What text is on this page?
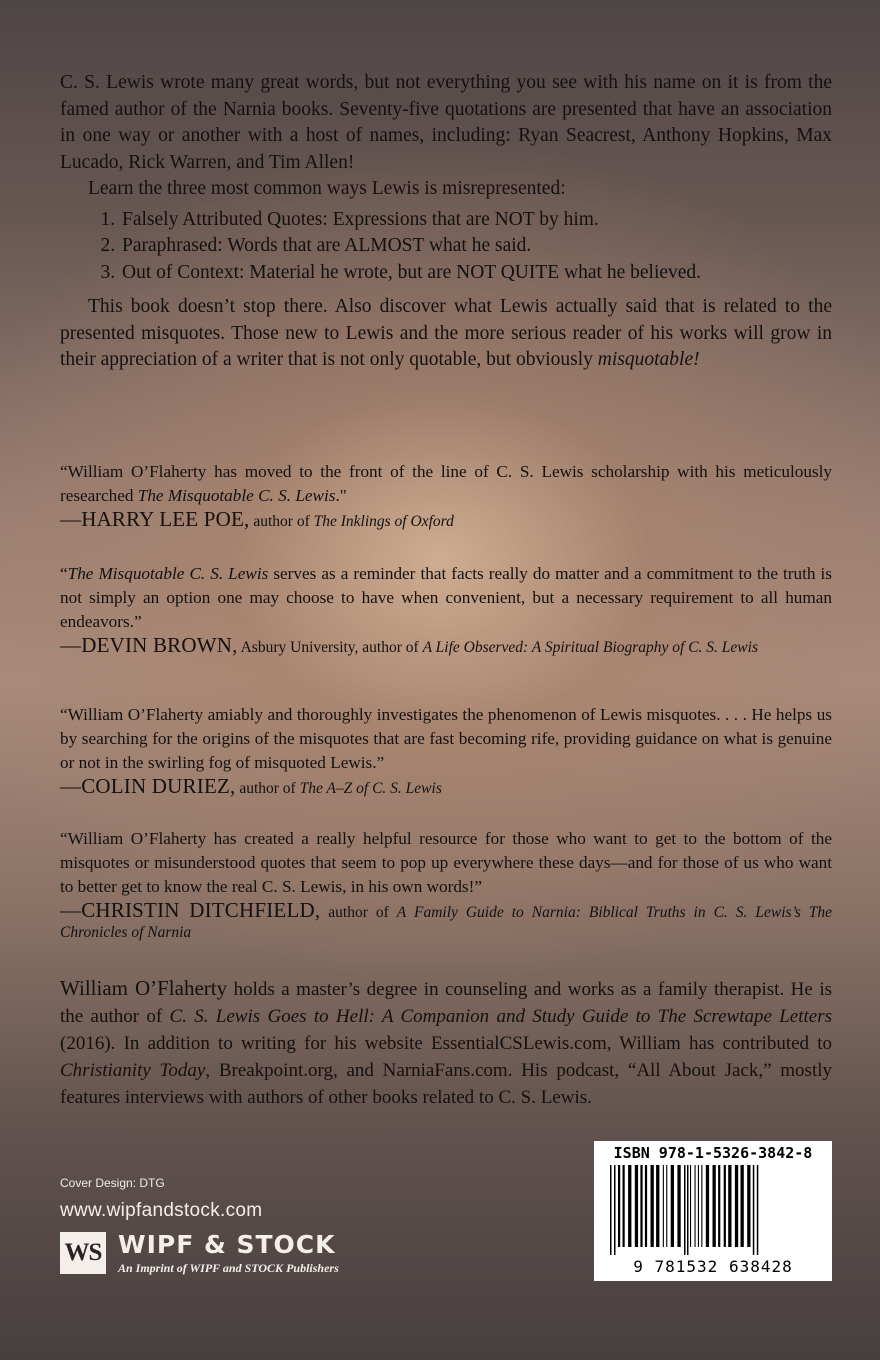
C. S. Lewis wrote many great words, but not everything you see with his name on it is from the famed author of the Narnia books. Seventy-five quotations are presented that have an association in one way or another with a host of names, including: Ryan Seacrest, Anthony Hopkins, Max Lucado, Rick Warren, and Tim Allen!

Learn the three most common ways Lewis is misrepresented:

1. Falsely Attributed Quotes: Expressions that are NOT by him.
2. Paraphrased: Words that are ALMOST what he said.
3. Out of Context: Material he wrote, but are NOT QUITE what he believed.

This book doesn’t stop there. Also discover what Lewis actually said that is related to the presented misquotes. Those new to Lewis and the more serious reader of his works will grow in their appreciation of a writer that is not only quotable, but obviously misquotable!

“William O’Flaherty has moved to the front of the line of C. S. Lewis scholarship with his meticulously researched The Misquotable C. S. Lewis."

—HARRY LEE POE, author of The Inklings of Oxford

“The Misquotable C. S. Lewis serves as a reminder that facts really do matter and a commitment to the truth is not simply an option one may choose to have when convenient, but a necessary requirement to all human endeavors.”

—DEVIN BROWN, Asbury University, author of A Life Observed: A Spiritual Biography of C. S. Lewis

“William O’Flaherty amiably and thoroughly investigates the phenomenon of Lewis misquotes. . . . He helps us by searching for the origins of the misquotes that are fast becoming rife, providing guidance on what is genuine or not in the swirling fog of misquoted Lewis.”

—COLIN DURIEZ, author of The A–Z of C. S. Lewis

“William O’Flaherty has created a really helpful resource for those who want to get to the bottom of the misquotes or misunderstood quotes that seem to pop up everywhere these days—and for those of us who want to better get to know the real C. S. Lewis, in his own words!”

—CHRISTIN DITCHFIELD, author of A Family Guide to Narnia: Biblical Truths in C. S. Lewis’s The Chronicles of Narnia

William O’Flaherty holds a master’s degree in counseling and works as a family therapist. He is the author of C. S. Lewis Goes to Hell: A Companion and Study Guide to The Screwtape Letters (2016). In addition to writing for his website EssentialCSLewis.com, William has contributed to Christianity Today, Breakpoint.org, and NarniaFans.com. His podcast, “All About Jack,” mostly features interviews with authors of other books related to C. S. Lewis.
Cover Design: DTG
www.wipfandstock.com
WS WIPF & STOCK
An Imprint of WIPF and STOCK Publishers
ISBN 978-1-5326-3842-8
9 781532 638428
